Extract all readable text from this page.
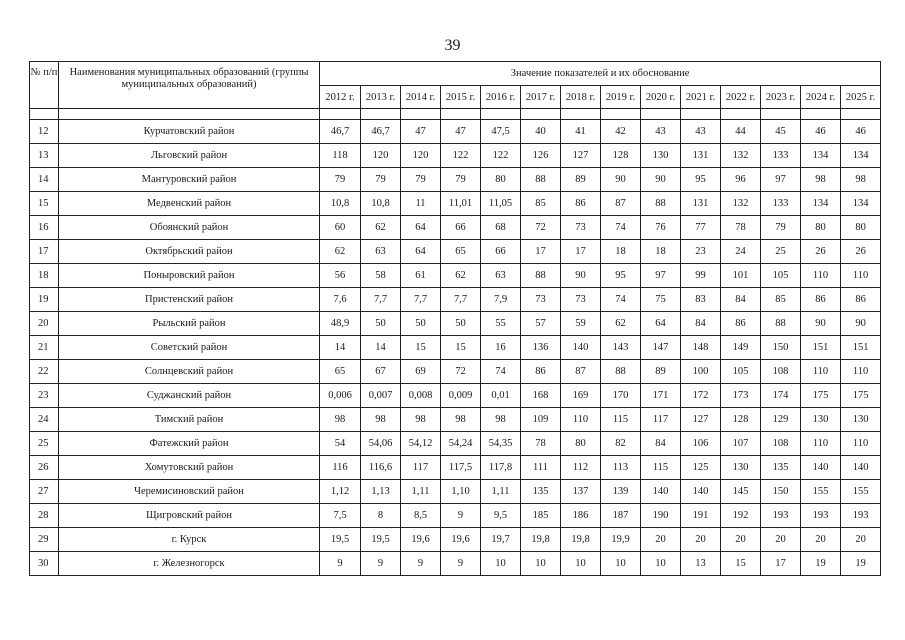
39
№ п/п	Наименования муниципальных образований (группы муниципальных образований)	Значение показателей и их обоснование													
		2012 г.	2013 г.	2014 г.	2015 г.	2016 г.	2017 г.	2018 г.	2019 г.	2020 г.	2021 г.	2022 г.	2023 г.	2024 г.	2025 г.

12	Курчатовский район	46,7	46,7	47	47	47,5	40	41	42	43	43	44	45	46	46
13	Льговский район	118	120	120	122	122	126	127	128	130	131	132	133	134	134
14	Мантуровский район	79	79	79	79	80	88	89	90	90	95	96	97	98	98
15	Медвенский район	10,8	10,8	11	11,01	11,05	85	86	87	88	131	132	133	134	134
16	Обоянский район	60	62	64	66	68	72	73	74	76	77	78	79	80	80
17	Октябрьский район	62	63	64	65	66	17	17	18	18	23	24	25	26	26
18	Поныровский район	56	58	61	62	63	88	90	95	97	99	101	105	110	110
19	Пристенский район	7,6	7,7	7,7	7,7	7,9	73	73	74	75	83	84	85	86	86
20	Рыльский район	48,9	50	50	50	55	57	59	62	64	84	86	88	90	90
21	Советский район	14	14	15	15	16	136	140	143	147	148	149	150	151	151
22	Солнцевский район	65	67	69	72	74	86	87	88	89	100	105	108	110	110
23	Суджанский район	0,006	0,007	0,008	0,009	0,01	168	169	170	171	172	173	174	175	175
24	Тимский район	98	98	98	98	98	109	110	115	117	127	128	129	130	130
25	Фатежский район	54	54,06	54,12	54,24	54,35	78	80	82	84	106	107	108	110	110
26	Хомутовский район	116	116,6	117	117,5	117,8	111	112	113	115	125	130	135	140	140
27	Черемисиновский район	1,12	1,13	1,11	1,10	1,11	135	137	139	140	140	145	150	155	155
28	Щигровский район	7,5	8	8,5	9	9,5	185	186	187	190	191	192	193	193	193
29	г. Курск	19,5	19,5	19,6	19,6	19,7	19,8	19,8	19,9	20	20	20	20	20	20
30	г. Железногорск	9	9	9	9	10	10	10	10	10	13	15	17	19	19
